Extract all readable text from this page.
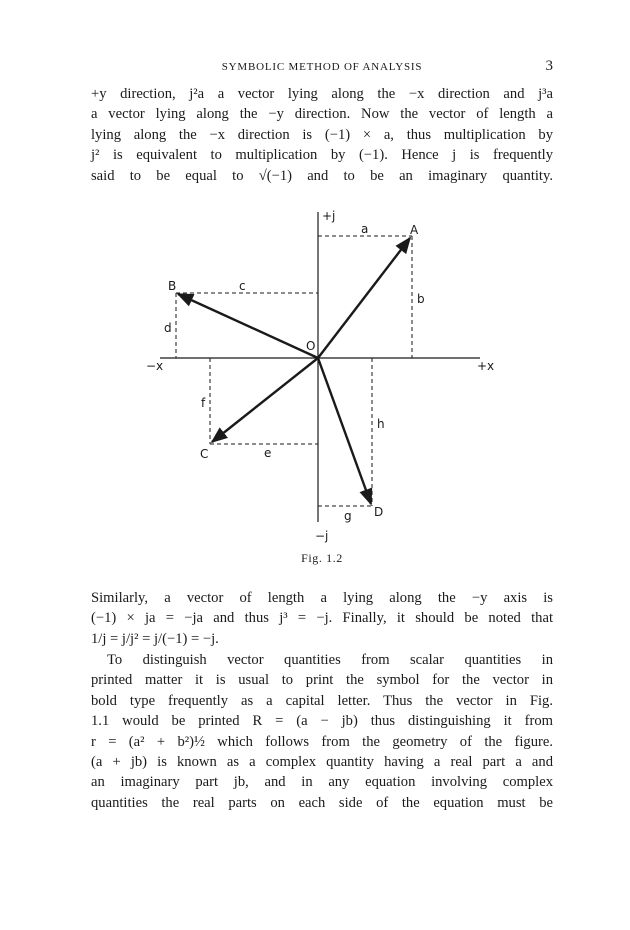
SYMBOLIC METHOD OF ANALYSIS	3
+y direction, j²a a vector lying along the −x direction and j³a
a vector lying along the −y direction. Now the vector of length a
lying along the −x direction is (−1) × a, thus multiplication by
j² is equivalent to multiplication by (−1). Hence j is frequently
said to be equal to √(−1) and to be an imaginary quantity.
+j
−j
−x	+x
O
A
B
C
D
a
b
c
d
e
f
g
h
Fig. 1.2
Similarly, a vector of length a lying along the −y axis is
(−1) × ja = −ja and thus j³ = −j. Finally, it should be noted that
1/j = j/j² = j/(−1) = −j.
To distinguish vector quantities from scalar quantities in
printed matter it is usual to print the symbol for the vector in
bold type frequently as a capital letter. Thus the vector in Fig.
1.1 would be printed R = (a − jb) thus distinguishing it from
r = (a² + b²)½ which follows from the geometry of the figure.
(a + jb) is known as a complex quantity having a real part a and
an imaginary part jb, and in any equation involving complex
quantities the real parts on each side of the equation must be
